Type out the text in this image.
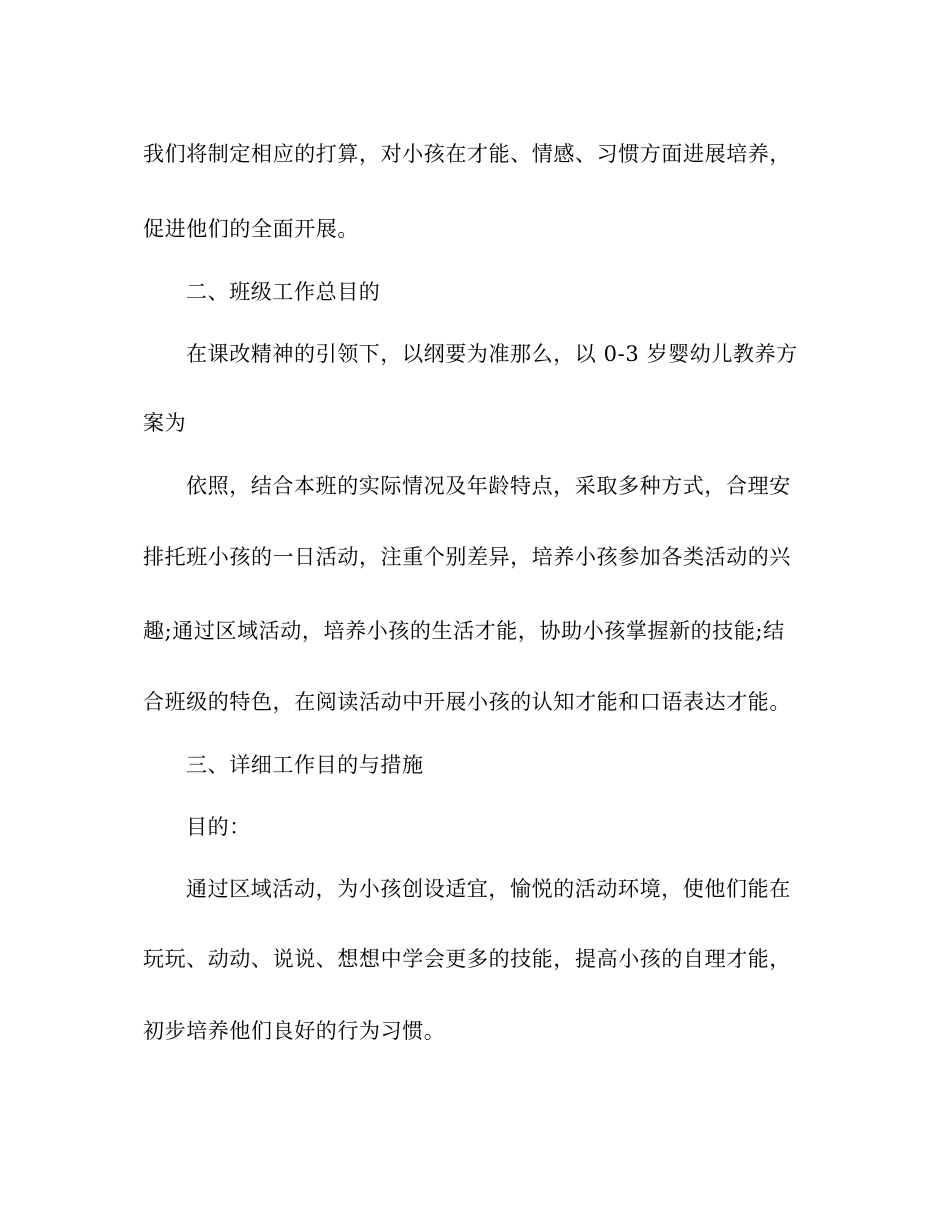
我们将制定相应的打算，对小孩在才能、情感、习惯方面进展培养，
促进他们的全面开展。
二、班级工作总目的
在课改精神的引领下，以纲要为准那么，以 0-3 岁婴幼儿教养方
案为
依照，结合本班的实际情况及年龄特点，采取多种方式，合理安
排托班小孩的一日活动，注重个别差异，培养小孩参加各类活动的兴
趣;通过区域活动，培养小孩的生活才能，协助小孩掌握新的技能;结
合班级的特色，在阅读活动中开展小孩的认知才能和口语表达才能。
三、详细工作目的与措施
目的：
通过区域活动，为小孩创设适宜，愉悦的活动环境，使他们能在
玩玩、动动、说说、想想中学会更多的技能，提高小孩的自理才能，
初步培养他们良好的行为习惯。
